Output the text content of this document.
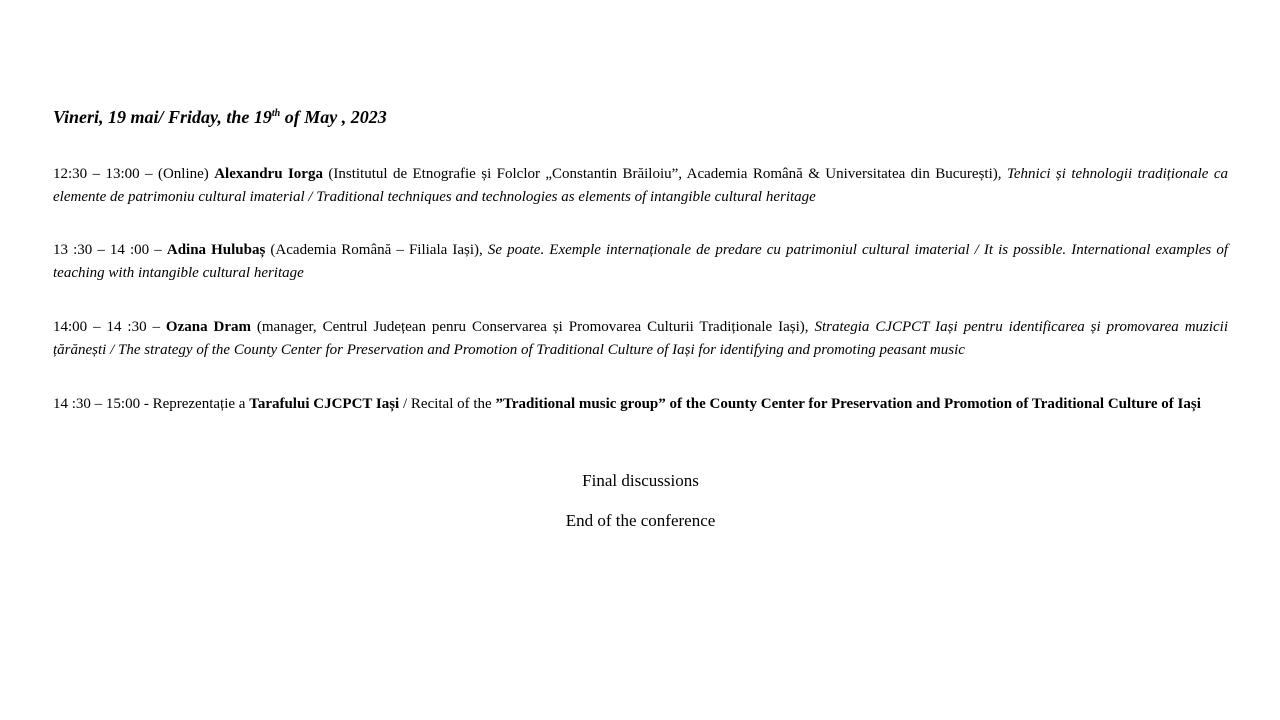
Vineri, 19 mai/ Friday, the 19th of May , 2023

12:30 – 13:00 – (Online) Alexandru Iorga (Institutul de Etnografie și Folclor „Constantin Brăiloiu”, Academia Română & Universitatea din București), Tehnici și tehnologii tradiționale ca elemente de patrimoniu cultural imaterial / Traditional techniques and technologies as elements of intangible cultural heritage

13 :30 – 14 :00 – Adina Hulubaș (Academia Română – Filiala Iași), Se poate. Exemple internaționale de predare cu patrimoniul cultural imaterial / It is possible. International examples of teaching with intangible cultural heritage

14:00 – 14 :30 – Ozana Dram (manager, Centrul Județean penru Conservarea și Promovarea Culturii Tradiționale Iași), Strategia CJCPCT Iași pentru identificarea și promovarea muzicii țărănești / The strategy of the County Center for Preservation and Promotion of Traditional Culture of Iași for identifying and promoting peasant music

14 :30 – 15:00 - Reprezentație a Tarafului CJCPCT Iași / Recital of the ”Traditional music group” of the County Center for Preservation and Promotion of Traditional Culture of Iași

Final discussions

End of the conference
